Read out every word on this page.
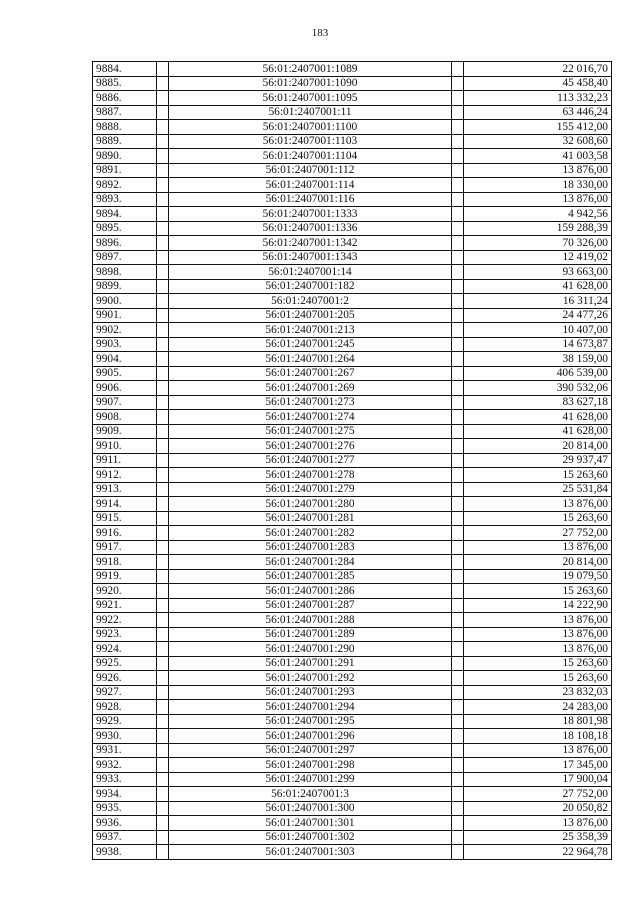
183
9884.		56:01:2407001:1089		22 016,70
9885.		56:01:2407001:1090		45 458,40
9886.		56:01:2407001:1095		113 332,23
9887.		56:01:2407001:11		63 446,24
9888.		56:01:2407001:1100		155 412,00
9889.		56:01:2407001:1103		32 608,60
9890.		56:01:2407001:1104		41 003,58
9891.		56:01:2407001:112		13 876,00
9892.		56:01:2407001:114		18 330,00
9893.		56:01:2407001:116		13 876,00
9894.		56:01:2407001:1333		4 942,56
9895.		56:01:2407001:1336		159 288,39
9896.		56:01:2407001:1342		70 326,00
9897.		56:01:2407001:1343		12 419,02
9898.		56:01:2407001:14		93 663,00
9899.		56:01:2407001:182		41 628,00
9900.		56:01:2407001:2		16 311,24
9901.		56:01:2407001:205		24 477,26
9902.		56:01:2407001:213		10 407,00
9903.		56:01:2407001:245		14 673,87
9904.		56:01:2407001:264		38 159,00
9905.		56:01:2407001:267		406 539,00
9906.		56:01:2407001:269		390 532,06
9907.		56:01:2407001:273		83 627,18
9908.		56:01:2407001:274		41 628,00
9909.		56:01:2407001:275		41 628,00
9910.		56:01:2407001:276		20 814,00
9911.		56:01:2407001:277		29 937,47
9912.		56:01:2407001:278		15 263,60
9913.		56:01:2407001:279		25 531,84
9914.		56:01:2407001:280		13 876,00
9915.		56:01:2407001:281		15 263,60
9916.		56:01:2407001:282		27 752,00
9917.		56:01:2407001:283		13 876,00
9918.		56:01:2407001:284		20 814,00
9919.		56:01:2407001:285		19 079,50
9920.		56:01:2407001:286		15 263,60
9921.		56:01:2407001:287		14 222,90
9922.		56:01:2407001:288		13 876,00
9923.		56:01:2407001:289		13 876,00
9924.		56:01:2407001:290		13 876,00
9925.		56:01:2407001:291		15 263,60
9926.		56:01:2407001:292		15 263,60
9927.		56:01:2407001:293		23 832,03
9928.		56:01:2407001:294		24 283,00
9929.		56:01:2407001:295		18 801,98
9930.		56:01:2407001:296		18 108,18
9931.		56:01:2407001:297		13 876,00
9932.		56:01:2407001:298		17 345,00
9933.		56:01:2407001:299		17 900,04
9934.		56:01:2407001:3		27 752,00
9935.		56:01:2407001:300		20 050,82
9936.		56:01:2407001:301		13 876,00
9937.		56:01:2407001:302		25 358,39
9938.		56:01:2407001:303		22 964,78
